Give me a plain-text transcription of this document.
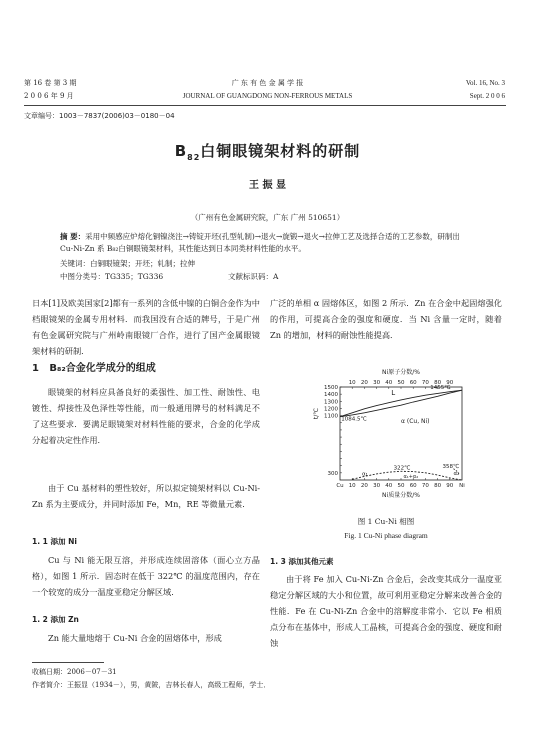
第 16 卷 第 3 期
2 0 0 6 年 9 月
广 东 有 色 金 属 学 报
JOURNAL OF GUANGDONG NON-FERROUS METALS
Vol. 16, No. 3
Sept. 2 0 0 6
文章编号：1003－7837(2006)03－0180－04
$B_{82}$白铜眼镜架材料的研制
王 振 显
（广州有色金属研究院，广东 广州 510651）
摘 要：采用中频感应炉熔化铜镍浇注→铸锭开坯(孔型轧制)→退火→旋锻→退火→拉伸工艺及选择合适的工艺参数，研制出 Cu-Ni-Zn 系 B₈₂白铜眼镜架材料，其性能达到日本同类材料性能的水平。
关键词：白铜眼镜架；开坯；轧制；拉伸
中图分类号：TG335；TG336	文献标识码：A
日本[1]及欧美国家[2]都有一系列的含低中镍的白铜合金作为中档眼镜架的金属专用材料．而我国没有合适的牌号，于是广州有色金属研究院与广州岭南眼镜厂合作，进行了国产金属眼镜架材料的研制．
1 B₈₂合金化学成分的组成
眼镜架的材料应具备良好的柔强性、加工性、耐蚀性、电镀性、焊接性及色泽性等性能，而一般通用牌号的材料满足不了这些要求．要满足眼镜架对材料性能的要求，合金的化学成分起着决定性作用．
由于 Cu 基材料的塑性较好，所以拟定镜架材料以 Cu-Ni-Zn 系为主要成分，并同时添加 Fe，Mn，RE 等微量元素．
1. 1 添加 Ni
Cu 与 Ni 能无限互溶，并形成连续固溶体（面心立方晶格），如图 1 所示．固态时在低于 322℃ 的温度范围内，存在一个较宽的成分一温度亚稳定分解区域．
1. 2 添加 Zn
Zn 能大量地熔于 Cu-Ni 合金的固熔体中，形成
广泛的单相 α 固熔体区，如图 2 所示．Zn 在合金中起固熔强化的作用，可提高合金的强度和硬度．当 Ni 含量一定时，随着 Zn 的增加，材料的耐蚀性能提高．
Ni原子分数/%
10
10
20
20
30
30
40
40
50
50
60
60
70
70
80
80
90
90
Cu	Ni
Ni质量分数/%
300
1100
1200
1300
1400
1500
t/℃
L
α (Cu, Ni)
1084.5℃
1455℃
322℃	358℃
α₁	α₁+α₂	α₂
图 1 Cu-Ni 相图
Fig. 1 Cu-Ni phase diagram
1. 3 添加其他元素
由于将 Fe 加入 Cu-Ni-Zn 合金后，会改变其成分一温度亚稳定分解区域的大小和位置，故可利用亚稳定分解来改善合金的性能．Fe 在 Cu-Ni-Zn 合金中的溶解度非常小．它以 Fe 相质点分布在基体中，形成人工晶核，可提高合金的强度、硬度和耐蚀
收稿日期：2006－07－31
作者简介：王振显（1934－），男，黄陂，吉林长春人，高级工程师，学士．
